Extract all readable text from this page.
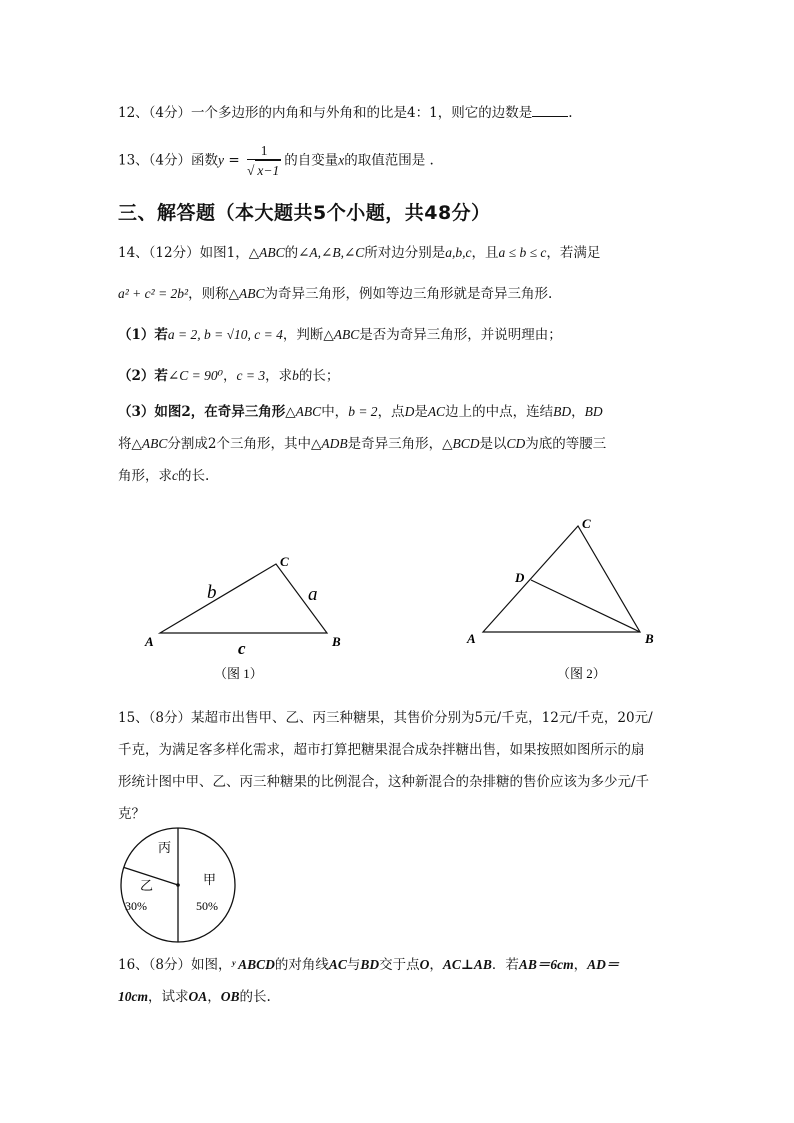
12、（4分）一个多边形的内角和与外角和的比是4：1，则它的边数是	.
13、（4分）函数$y = \frac{1}{√ x-1}$ 的自变量x的取值范围是 .
三、解答题（本大题共5个小题，共48分）
14、（12分）如图1，△ABC的∠A,∠B,∠C所对边分别是a,b,c，且a ≤ b ≤ c，若满足
a² + c² = 2b²，则称△ABC为奇异三角形，例如等边三角形就是奇异三角形.
（1）若a = 2, b = √10, c = 4，判断△ABC是否为奇异三角形，并说明理由；
（2）若∠C = 90⁰，c = 3，求b的长；
（3）如图2，在奇异三角形△ABC中，b = 2，点D是AC边上的中点，连结BD，BD
将△ABC分割成2个三角形，其中△ADB是奇异三角形，△BCD是以CD为底的等腰三
角形，求c的长.
A	B
C
b	a
c
（图 1）
A	B
C
D
（图 2）
15、（8分）某超市出售甲、乙、丙三种糖果，其售价分别为5元/千克，12元/千克，20元/
千克，为满足客多样化需求，超市打算把糖果混合成杂拌糖出售，如果按照如图所示的扇
形统计图中甲、乙、丙三种糖果的比例混合，这种新混合的杂排糖的售价应该为多少元/千
克？
丙
乙
30%
甲
50%
16、（8分）如图，ʸ ABCD的对角线AC与BD交于点O，AC⊥AB．若AB＝6cm，AD＝
10cm，试求OA，OB的长.
